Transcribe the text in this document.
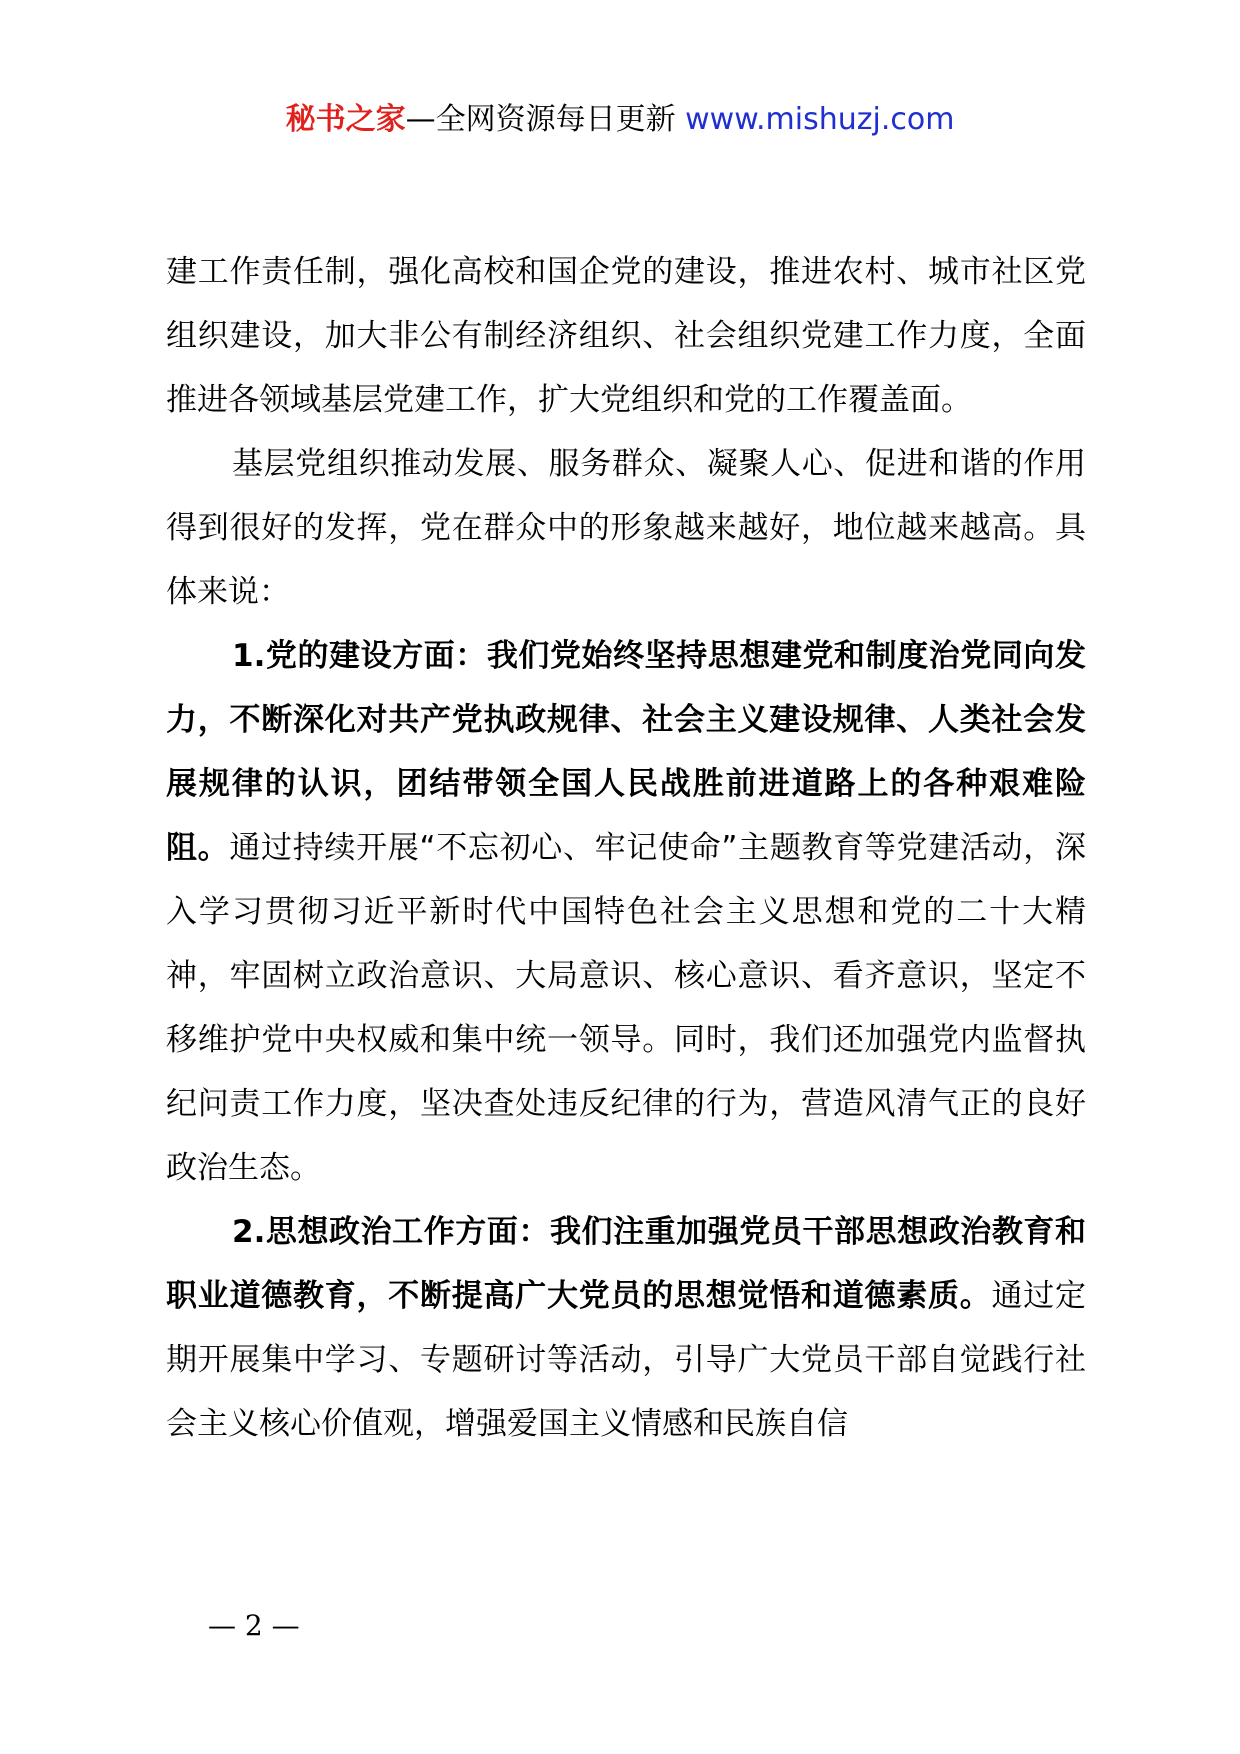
秘书之家—全网资源每日更新 www.mishuzj.com

建工作责任制，强化高校和国企党的建设，推进农村、城市社区党组织建设，加大非公有制经济组织、社会组织党建工作力度，全面推进各领域基层党建工作，扩大党组织和党的工作覆盖面。

基层党组织推动发展、服务群众、凝聚人心、促进和谐的作用得到很好的发挥，党在群众中的形象越来越好，地位越来越高。具体来说：

1.党的建设方面：我们党始终坚持思想建党和制度治党同向发力，不断深化对共产党执政规律、社会主义建设规律、人类社会发展规律的认识，团结带领全国人民战胜前进道路上的各种艰难险阻。通过持续开展“不忘初心、牢记使命”主题教育等党建活动，深入学习贯彻习近平新时代中国特色社会主义思想和党的二十大精神，牢固树立政治意识、大局意识、核心意识、看齐意识，坚定不移维护党中央权威和集中统一领导。同时，我们还加强党内监督执纪问责工作力度，坚决查处违反纪律的行为，营造风清气正的良好政治生态。

2.思想政治工作方面：我们注重加强党员干部思想政治教育和职业道德教育，不断提高广大党员的思想觉悟和道德素质。通过定期开展集中学习、专题研讨等活动，引导广大党员干部自觉践行社会主义核心价值观，增强爱国主义情感和民族自信

— 2 —
